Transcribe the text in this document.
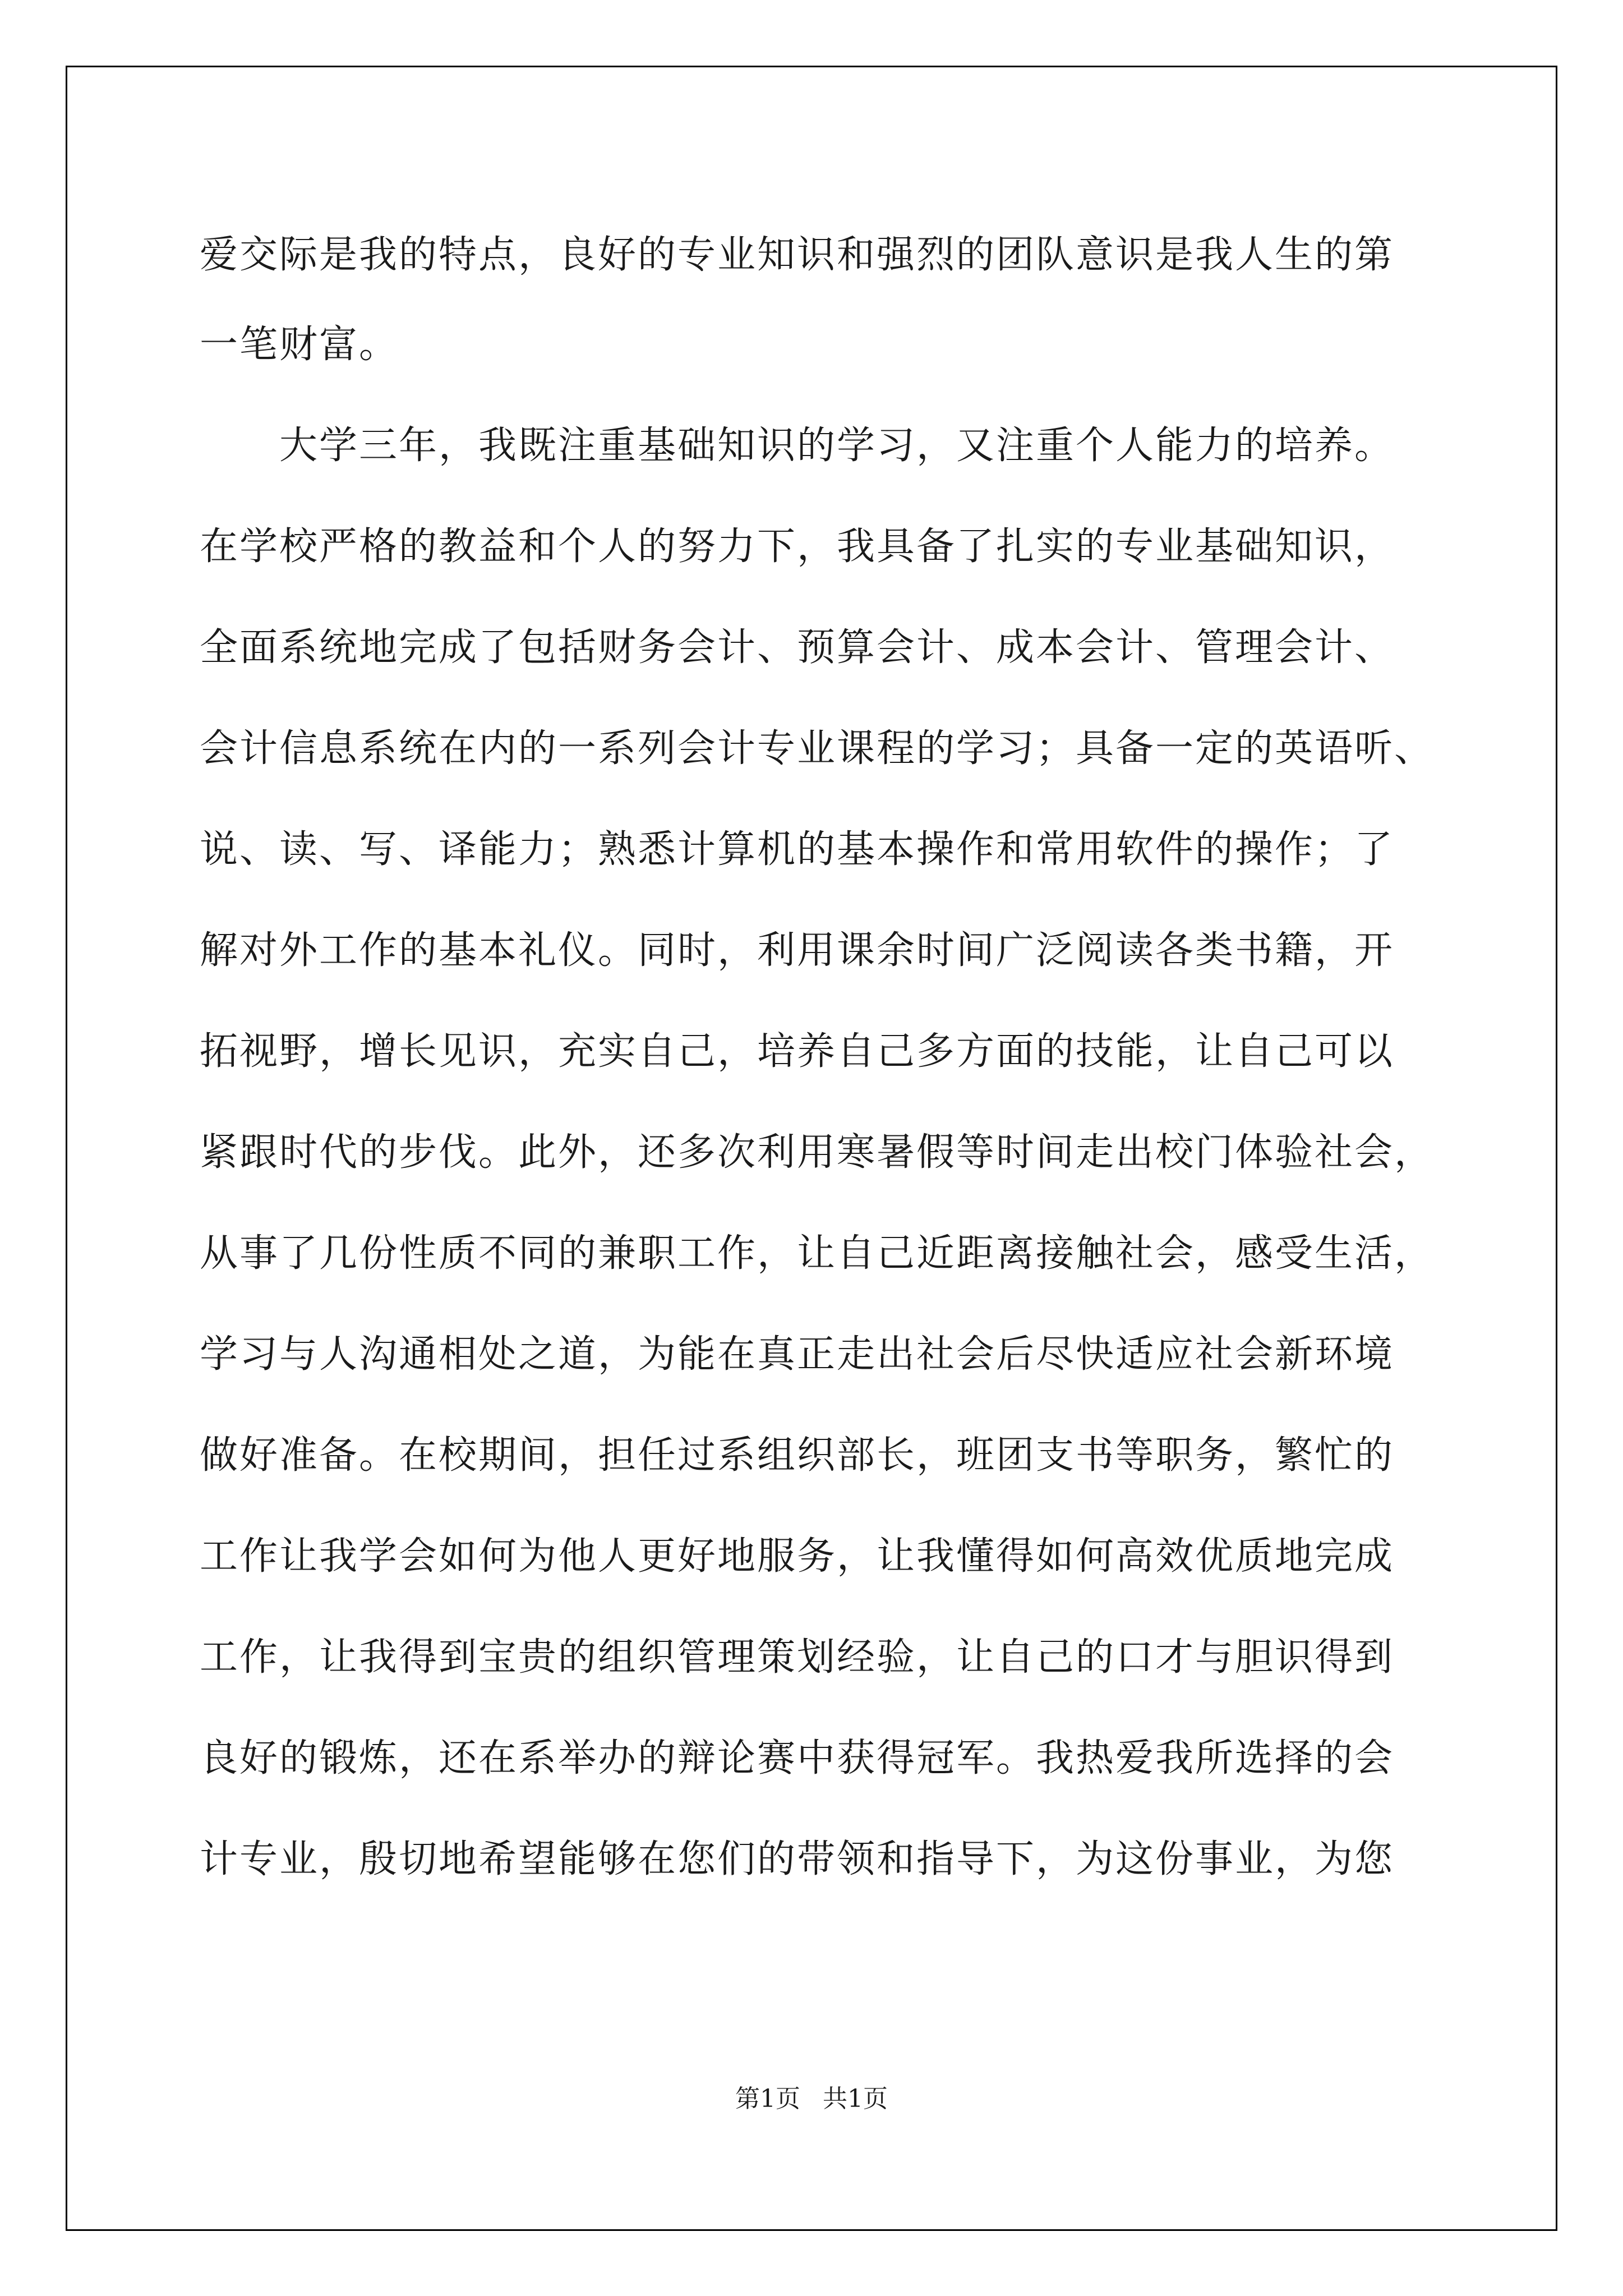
爱交际是我的特点，良好的专业知识和强烈的团队意识是我人生的第
一笔财富。
　　大学三年，我既注重基础知识的学习，又注重个人能力的培养。
在学校严格的教益和个人的努力下，我具备了扎实的专业基础知识，
全面系统地完成了包括财务会计、预算会计、成本会计、管理会计、
会计信息系统在内的一系列会计专业课程的学习；具备一定的英语听、
说、读、写、译能力；熟悉计算机的基本操作和常用软件的操作；了
解对外工作的基本礼仪。同时，利用课余时间广泛阅读各类书籍，开
拓视野，增长见识，充实自己，培养自己多方面的技能，让自己可以
紧跟时代的步伐。此外，还多次利用寒暑假等时间走出校门体验社会，
从事了几份性质不同的兼职工作，让自己近距离接触社会，感受生活，
学习与人沟通相处之道，为能在真正走出社会后尽快适应社会新环境
做好准备。在校期间，担任过系组织部长，班团支书等职务，繁忙的
工作让我学会如何为他人更好地服务，让我懂得如何高效优质地完成
工作，让我得到宝贵的组织管理策划经验，让自己的口才与胆识得到
良好的锻炼，还在系举办的辩论赛中获得冠军。我热爱我所选择的会
计专业，殷切地希望能够在您们的带领和指导下，为这份事业，为您
第1页 共1页
